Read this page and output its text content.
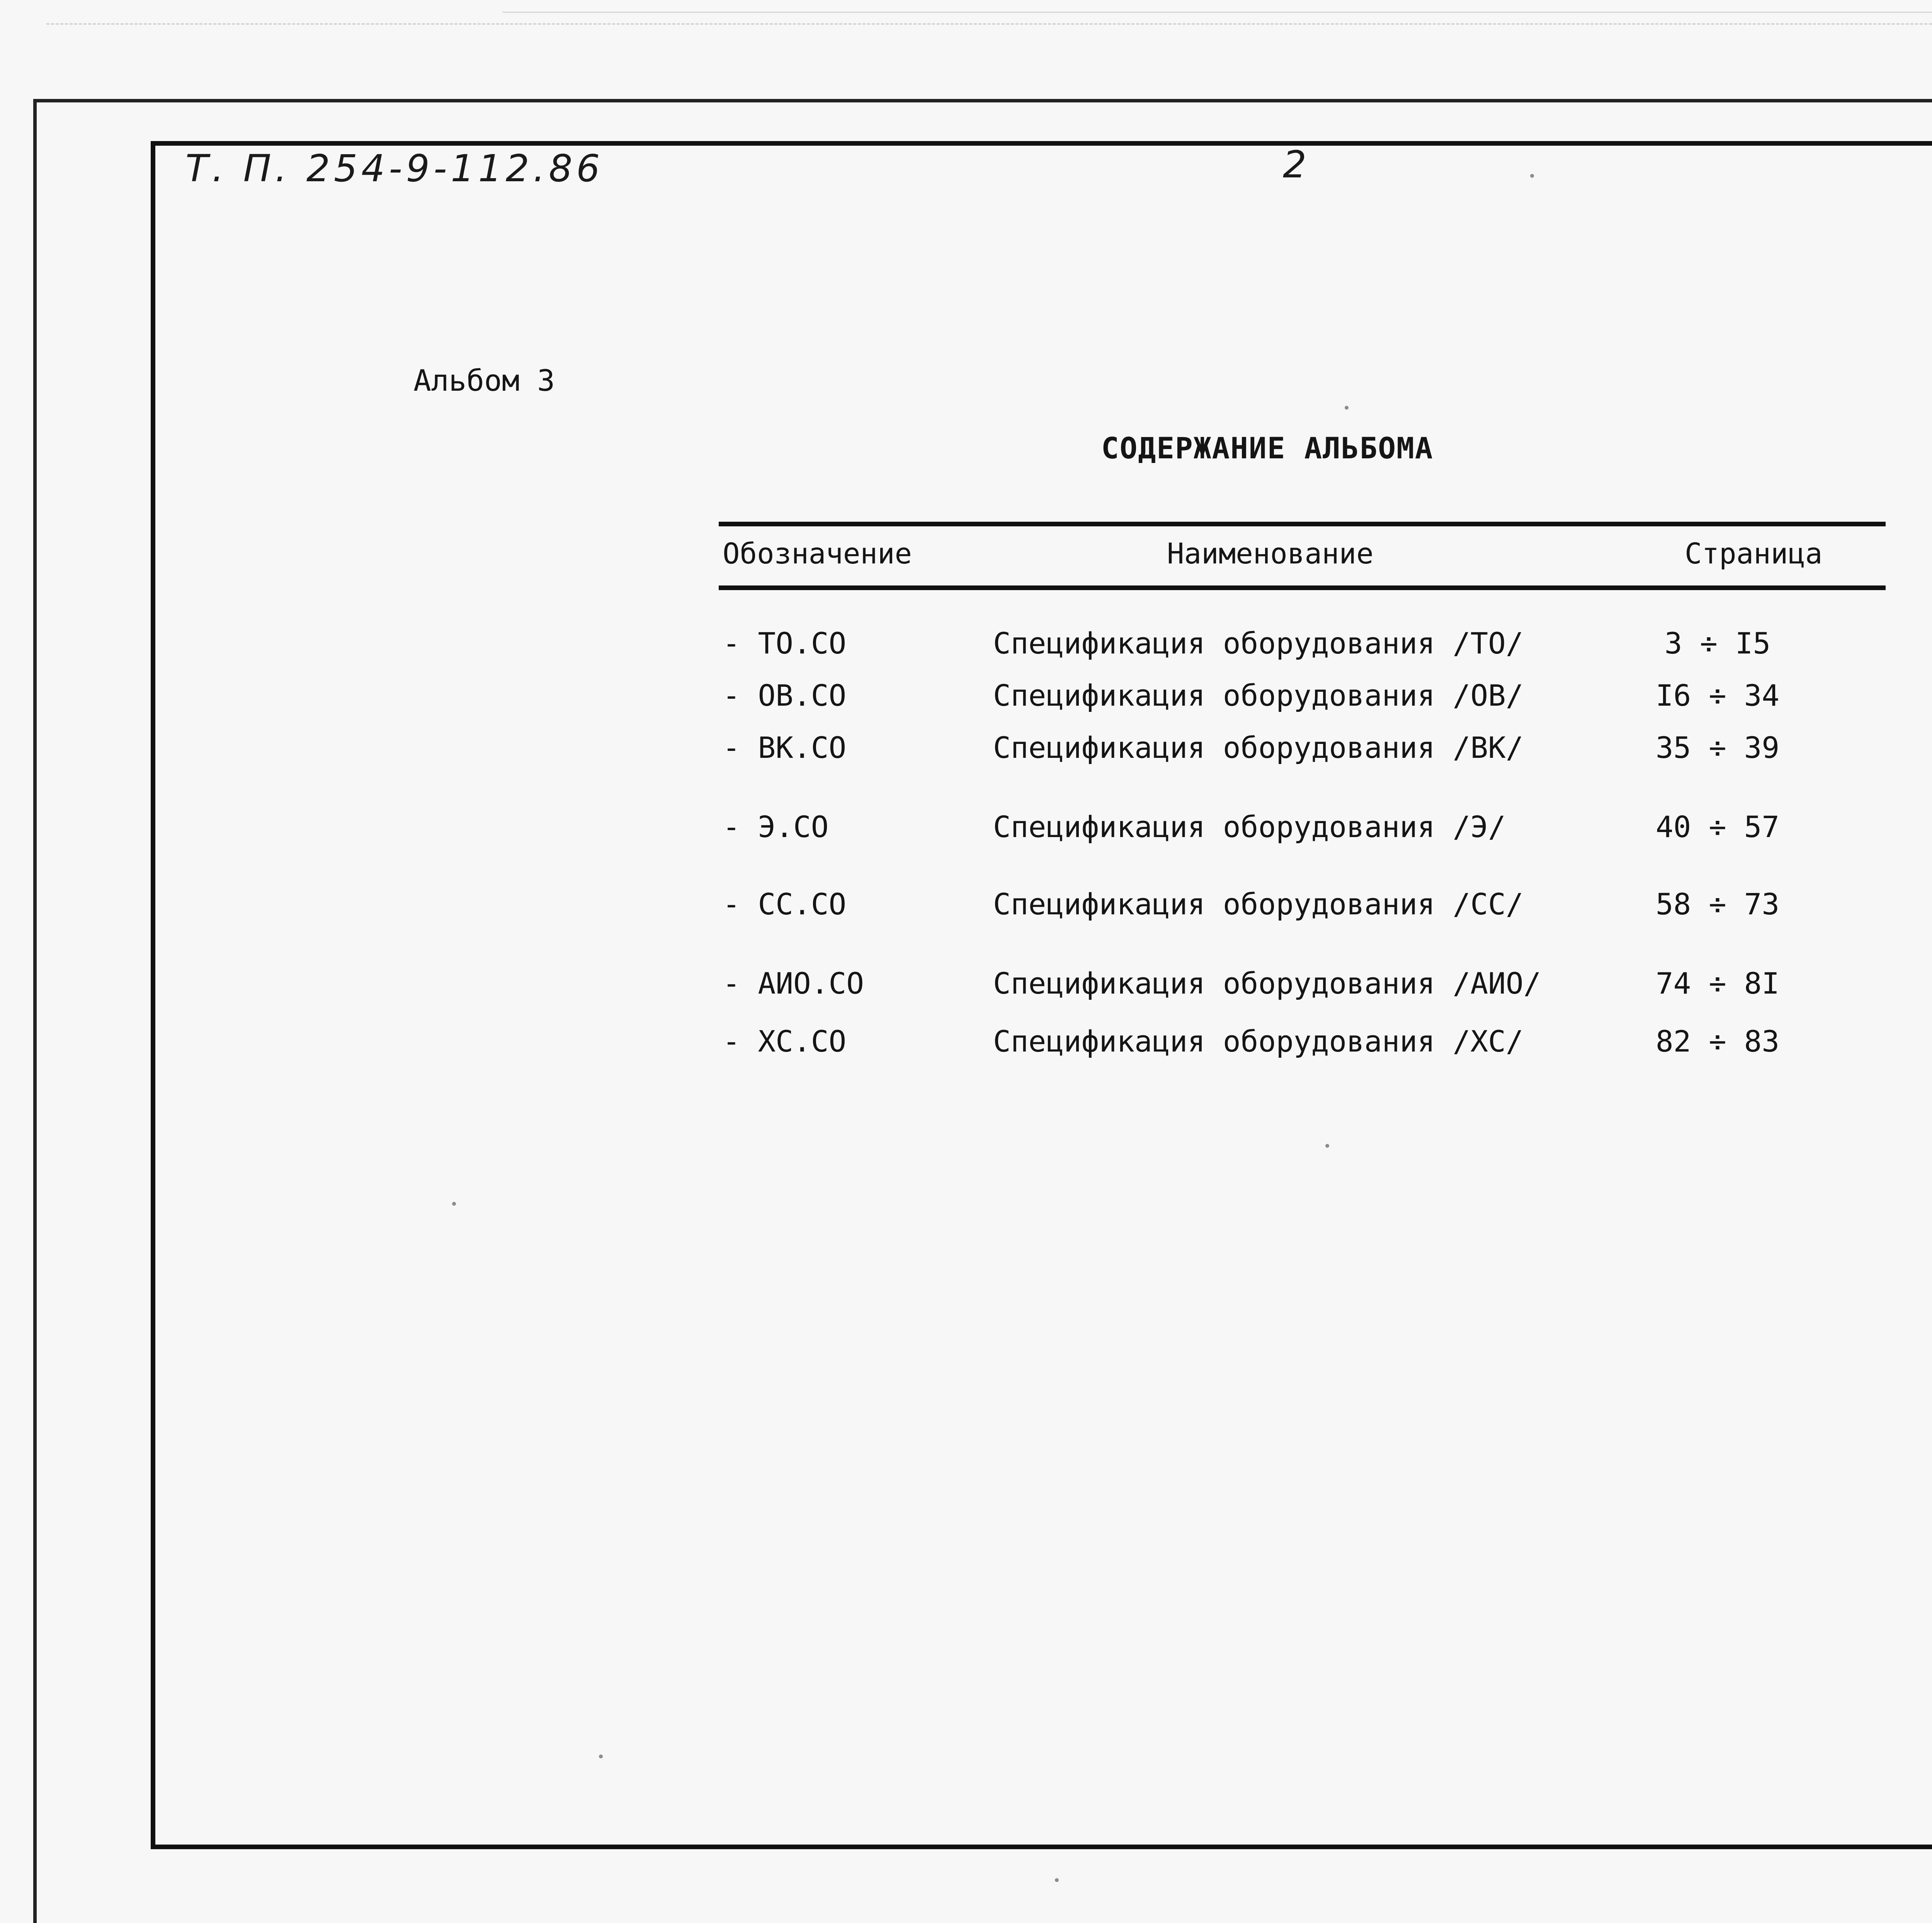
Т. П. 254-9-112.86	2
Альбом 3
СОДЕРЖАНИЕ АЛЬБОМА
Обозначение	Наименование	Страница
- ТО.СО	Спецификация оборудования /ТО/	3 ÷ I5
- ОВ.СО	Спецификация оборудования /ОВ/	I6 ÷ 34
- ВК.СО	Спецификация оборудования /ВК/	35 ÷ 39
- Э.СО	Спецификация оборудования /Э/	40 ÷ 57
- СС.СО	Спецификация оборудования /СС/	58 ÷ 73
- АИО.СО	Спецификация оборудования /АИО/	74 ÷ 8I
- ХС.СО	Спецификация оборудования /ХС/	82 ÷ 83
